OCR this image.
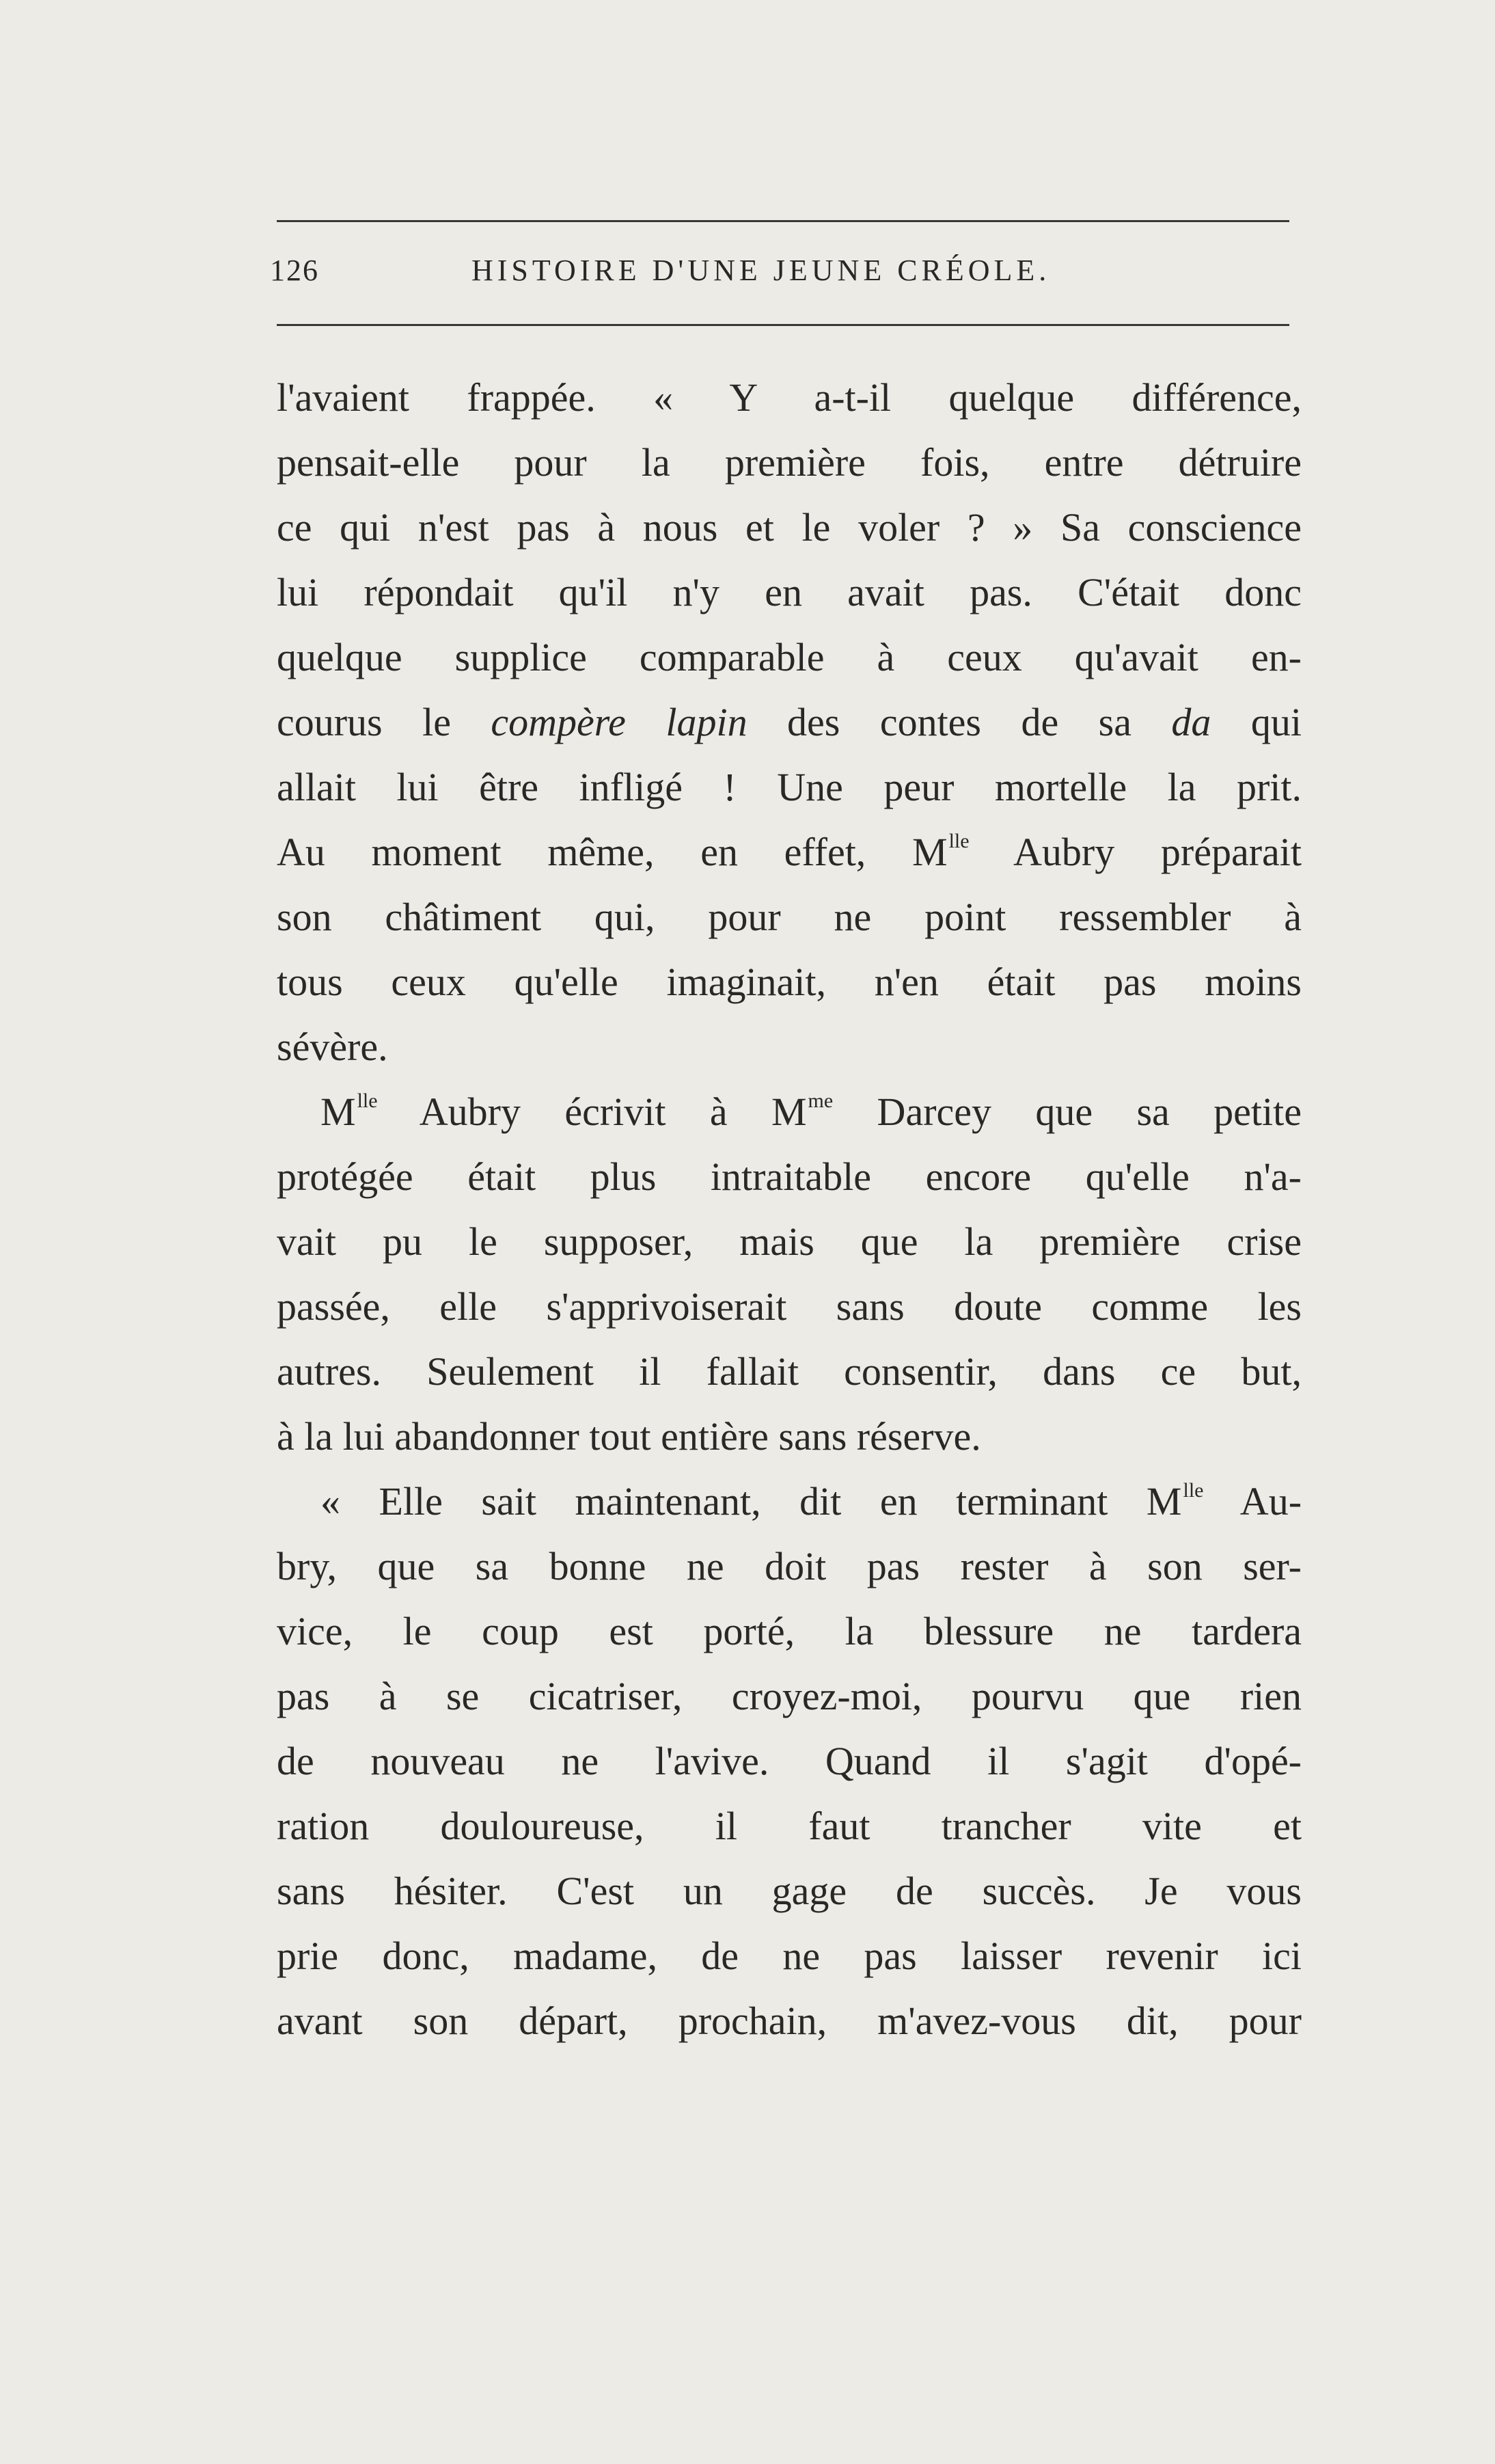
126	HISTOIRE D'UNE JEUNE CRÉOLE.
l'avaient frappée. « Y a-t-il quelque différence,
pensait-elle pour la première fois, entre détruire
ce qui n'est pas à nous et le voler ? » Sa conscience
lui répondait qu'il n'y en avait pas. C'était donc
quelque supplice comparable à ceux qu'avait en-
courus le compère lapin des contes de sa da qui
allait lui être infligé ! Une peur mortelle la prit.
Au moment même, en effet, $M^{lle}$ Aubry préparait
son châtiment qui, pour ne point ressembler à
tous ceux qu'elle imaginait, n'en était pas moins
sévère.
$M^{lle}$ Aubry écrivit à $M^{me}$ Darcey que sa petite
protégée était plus intraitable encore qu'elle n'a-
vait pu le supposer, mais que la première crise
passée, elle s'apprivoiserait sans doute comme les
autres. Seulement il fallait consentir, dans ce but,
à la lui abandonner tout entière sans réserve.
« Elle sait maintenant, dit en terminant $M^{lle}$ Au-
bry, que sa bonne ne doit pas rester à son ser-
vice, le coup est porté, la blessure ne tardera
pas à se cicatriser, croyez-moi, pourvu que rien
de nouveau ne l'avive. Quand il s'agit d'opé-
ration douloureuse, il faut trancher vite et
sans hésiter. C'est un gage de succès. Je vous
prie donc, madame, de ne pas laisser revenir ici
avant son départ, prochain, m'avez-vous dit, pour
